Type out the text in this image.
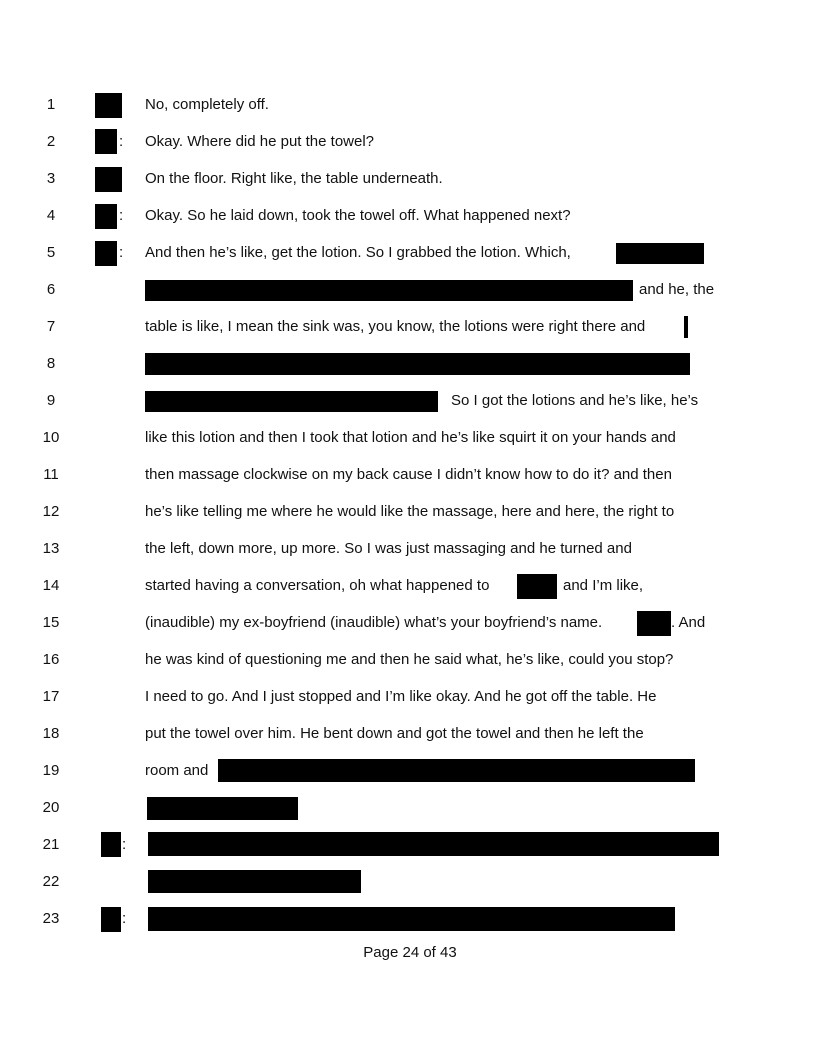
1
2
3
4
5
6
7
8
9
10
11
12
13
14
15
16
17
18
19
20
21
22
23
:
:
:
:
:
No, completely off.
Okay. Where did he put the towel?
On the floor. Right like, the table underneath.
Okay. So he laid down, took the towel off. What happened next?
And then he’s like, get the lotion. So I grabbed the lotion. Which,
and he, the
table is like, I mean the sink was, you know, the lotions were right there and
So I got the lotions and he’s like, he’s
like this lotion and then I took that lotion and he’s like squirt it on your hands and
then massage clockwise on my back cause I didn’t know how to do it? and then
he’s like telling me where he would like the massage, here and here, the right to
the left, down more, up more. So I was just massaging and he turned and
started having a conversation, oh what happened to	and I’m like,
(inaudible) my ex-boyfriend (inaudible) what’s your boyfriend’s name.	. And
he was kind of questioning me and then he said what, he’s like, could you stop?
I need to go. And I just stopped and I’m like okay. And he got off the table. He
put the towel over him. He bent down and got the towel and then he left the
room and
Page 24 of 43
